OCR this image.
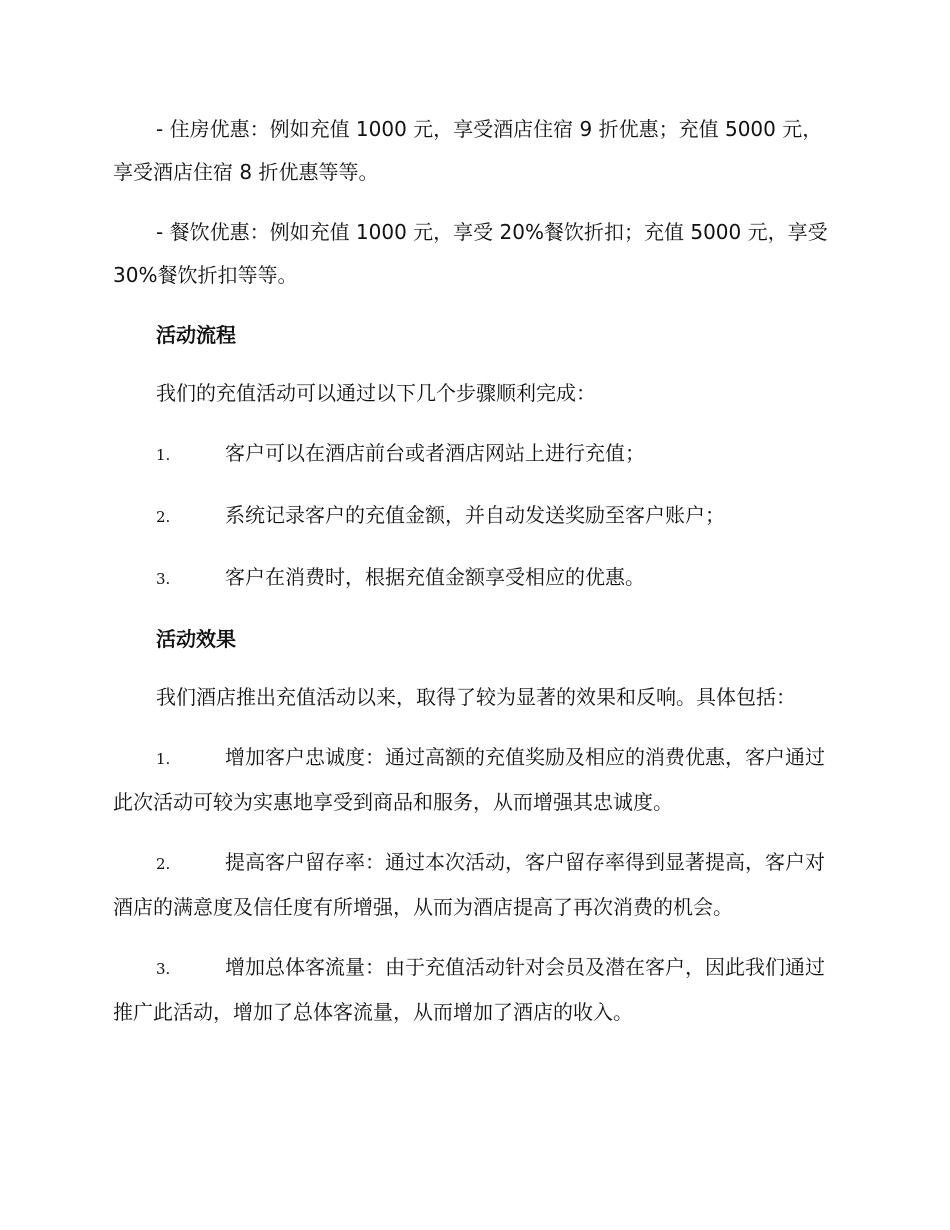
- 住房优惠：例如充值 1000 元，享受酒店住宿 9 折优惠；充值 5000 元，享受酒店住宿 8 折优惠等等。

- 餐饮优惠：例如充值 1000 元，享受 20%餐饮折扣；充值 5000 元，享受 30%餐饮折扣等等。

活动流程

我们的充值活动可以通过以下几个步骤顺利完成：

1.	客户可以在酒店前台或者酒店网站上进行充值；
2.	系统记录客户的充值金额，并自动发送奖励至客户账户；
3.	客户在消费时，根据充值金额享受相应的优惠。

活动效果

我们酒店推出充值活动以来，取得了较为显著的效果和反响。具体包括：

1.	增加客户忠诚度：通过高额的充值奖励及相应的消费优惠，客户通过此次活动可较为实惠地享受到商品和服务，从而增强其忠诚度。
2.	提高客户留存率：通过本次活动，客户留存率得到显著提高，客户对酒店的满意度及信任度有所增强，从而为酒店提高了再次消费的机会。
3.	增加总体客流量：由于充值活动针对会员及潜在客户，因此我们通过推广此活动，增加了总体客流量，从而增加了酒店的收入。
